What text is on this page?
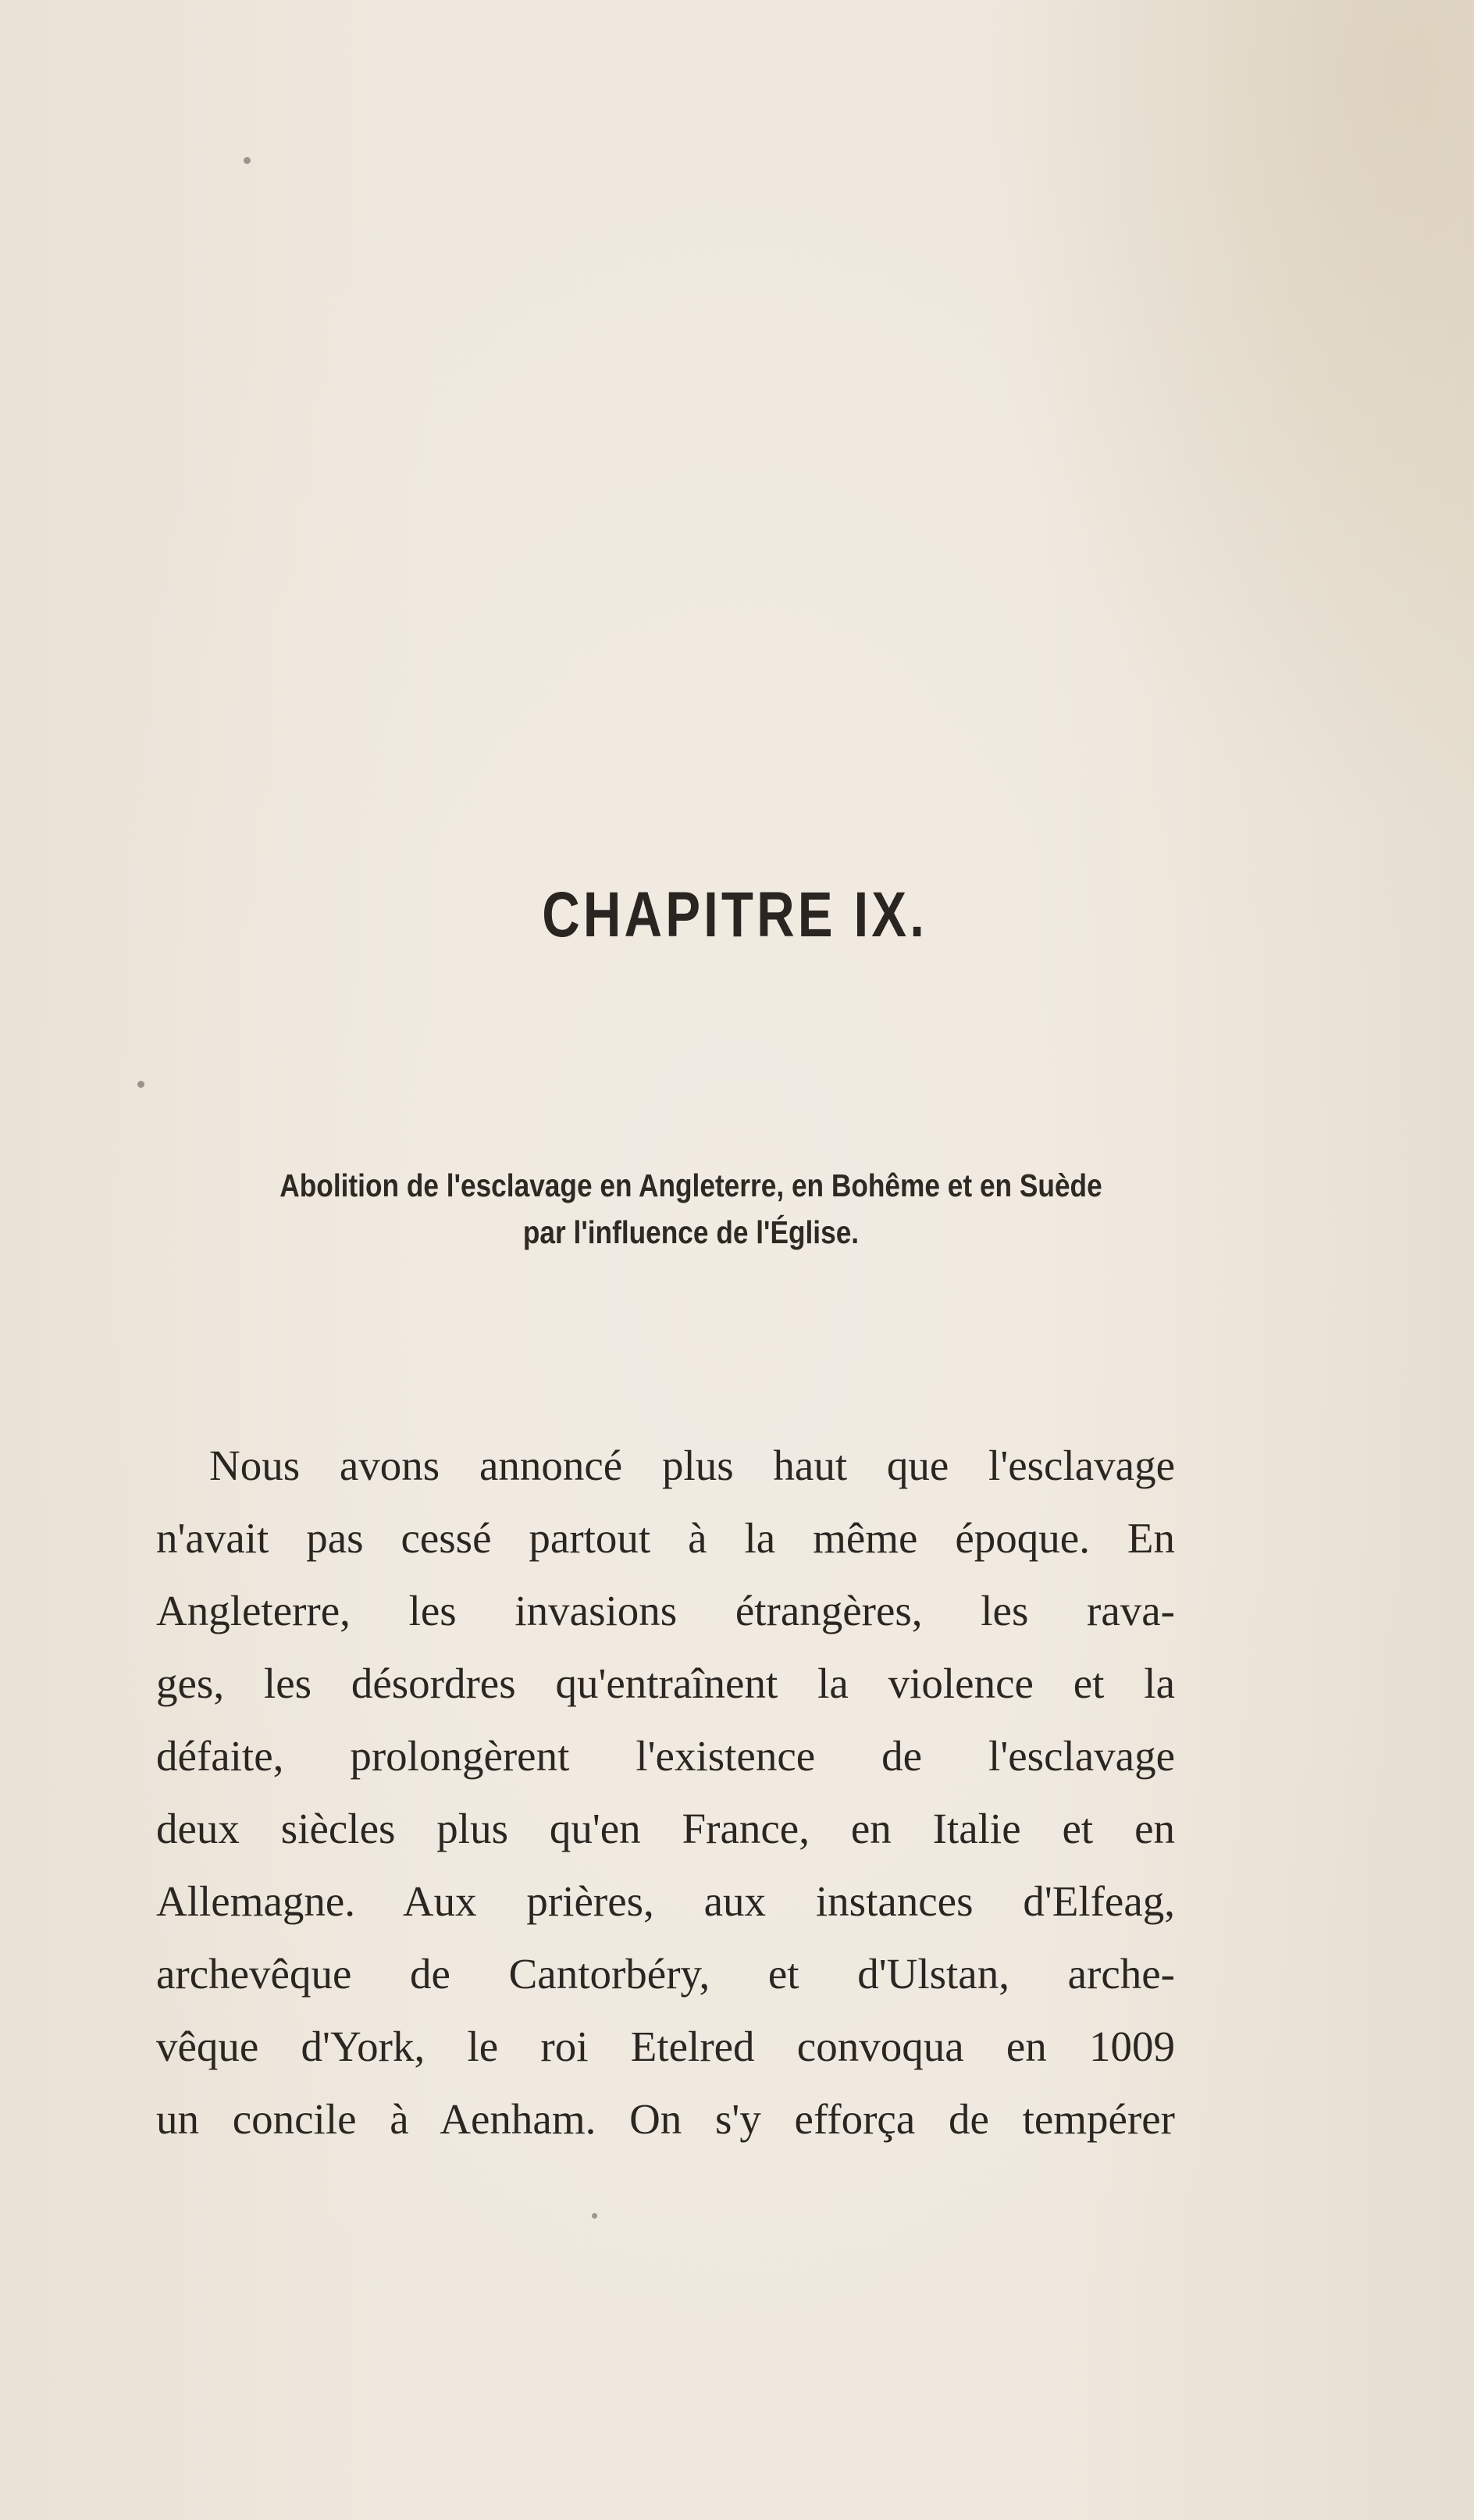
CHAPITRE IX.
Abolition de l'esclavage en Angleterre, en Bohême et en Suède
par l'influence de l'Église.
Nous avons annoncé plus haut que l'esclavage
n'avait pas cessé partout à la même époque. En
Angleterre, les invasions étrangères, les rava-
ges, les désordres qu'entraînent la violence et la
défaite, prolongèrent l'existence de l'esclavage
deux siècles plus qu'en France, en Italie et en
Allemagne. Aux prières, aux instances d'Elfeag,
archevêque de Cantorbéry, et d'Ulstan, arche-
vêque d'York, le roi Etelred convoqua en 1009
un concile à Aenham. On s'y efforça de tempérer
